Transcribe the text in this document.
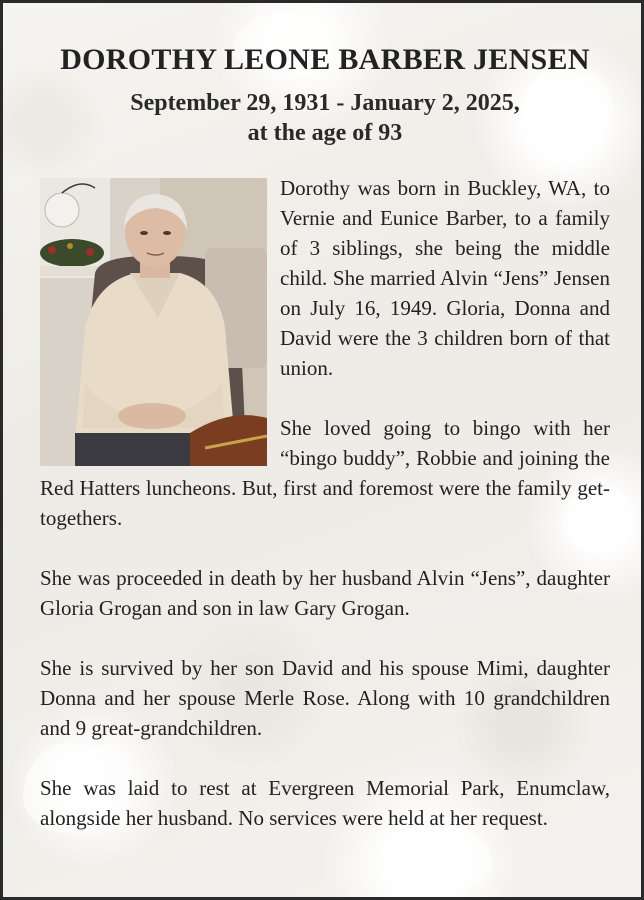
DOROTHY LEONE BARBER JENSEN
September 29, 1931 - January 2, 2025,
at the age of 93

Dorothy was born in Buckley, WA, to Vernie and Eunice Barber, to a family of 3 siblings, she being the middle child. She married Alvin “Jens” Jensen on July 16, 1949. Gloria, Donna and David were the 3 children born of that union.

She loved going to bingo with her “bingo buddy”, Robbie and joining the Red Hatters luncheons. But, first and foremost were the family get-togethers.

She was proceeded in death by her husband Alvin “Jens”, daughter Gloria Grogan and son in law Gary Grogan.

She is survived by her son David and his spouse Mimi, daughter Donna and her spouse Merle Rose. Along with 10 grandchildren and 9 great-grandchildren.

She was laid to rest at Evergreen Memorial Park, Enumclaw, alongside her husband. No services were held at her request.
